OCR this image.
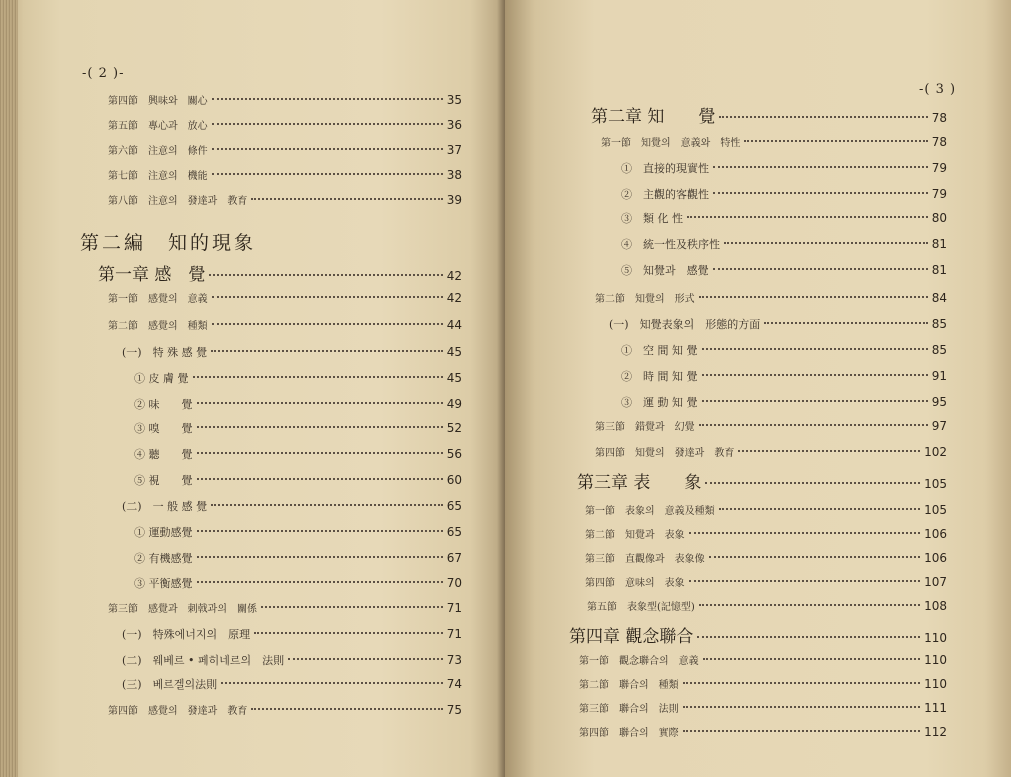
-( 2 )-
第四節　興味와　關心	35
第五節　專心과　放心	36
第六節　注意의　條件	37
第七節　注意의　機能	38
第八節　注意의　發達과　教育	39
第二編　知的現象
第一章 感　覺	42
第一節　感覺의　意義	42
第二節　感覺의　種類	44
(一)　特 殊 感 覺	45
① 皮 膚 覺	45
② 味　　覺	49
③ 嗅　　覺	52
④ 聽　　覺	56
⑤ 視　　覺	60
(二)　一 般 感 覺	65
① 運動感覺	65
② 有機感覺	67
③ 平衡感覺	70
第三節　感覺과　刺戟과의　關係	71
(一)　特殊에너지의　原理	71
(二)　웨베르 • 페히네르의　法則	73
(三)　베르겔의法則	74
第四節　感覺의　發達과　教育	75
-( 3 )
第二章 知　　覺	78
第一節　知覺의　意義와　特性	78
①　直接的現實性	79
②　主觀的客觀性	79
③　類 化 性	80
④　統一性及秩序性	81
⑤　知覺과　感覺	81
第二節　知覺의　形式	84
(一)　知覺表象의　形態的方面	85
①　空 間 知 覺	85
②　時 間 知 覺	91
③　運 動 知 覺	95
第三節　錯覺과　幻覺	97
第四節　知覺의　發達과　教育	102
第三章 表　　象	105
第一節　表象의　意義及種類	105
第二節　知覺과　表象	106
第三節　直觀像과　表象像	106
第四節　意味의　表象	107
第五節　表象型(記憶型)	108
第四章 觀念聯合	110
第一節　觀念聯合의　意義	110
第二節　聯合의　種類	110
第三節　聯合의　法則	111
第四節　聯合의　實際	112
